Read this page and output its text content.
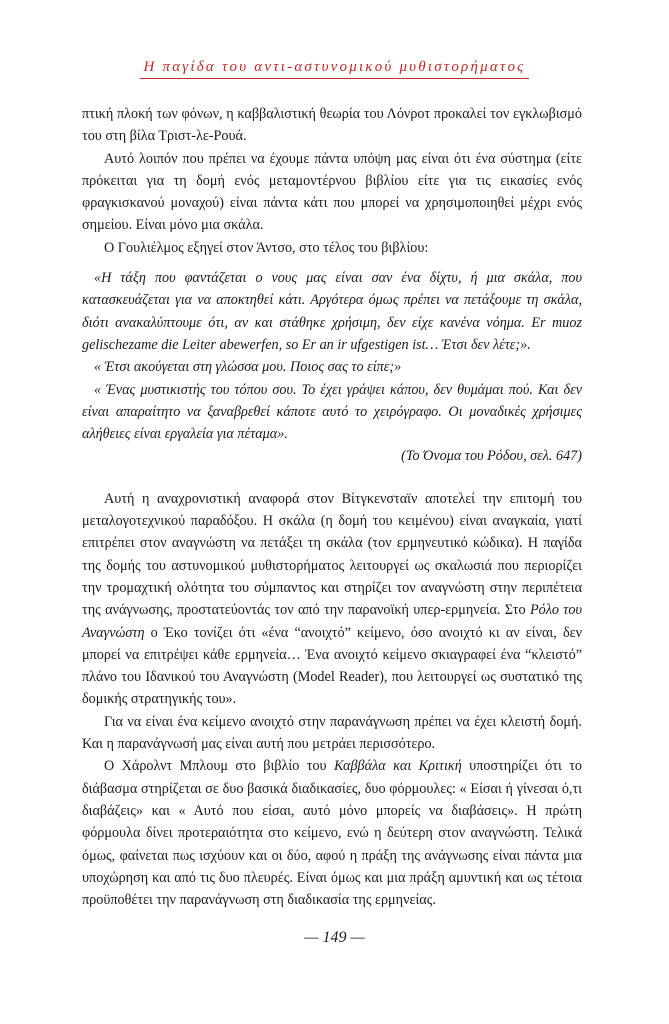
Η παγίδα του αντι-αστυνομικού μυθιστορήματος

πτική πλοκή των φόνων, η καββαλιστική θεωρία του Λόνροτ προκαλεί τον εγκλωβισμό του στη βίλα Τριστ-λε-Ρουά.

Αυτό λοιπόν που πρέπει να έχουμε πάντα υπόψη μας είναι ότι ένα σύστημα (είτε πρόκειται για τη δομή ενός μεταμοντέρνου βιβλίου είτε για τις εικασίες ενός φραγκισκανού μοναχού) είναι πάντα κάτι που μπορεί να χρησιμοποιηθεί μέχρι ενός σημείου. Είναι μόνο μια σκάλα.

Ο Γουλιέλμος εξηγεί στον Άντσο, στο τέλος του βιβλίου:

«Η τάξη που φαντάζεται ο νους μας είναι σαν ένα δίχτυ, ή μια σκάλα, που κατασκευάζεται για να αποκτηθεί κάτι. Αργότερα όμως πρέπει να πετάξουμε τη σκάλα, διότι ανακαλύπτουμε ότι, αν και στάθηκε χρήσιμη, δεν είχε κανένα νόημα. Er muoz gelischezame die Leiter abewerfen, so Er an ir ufgestigen ist… Έτσι δεν λέτε;».

« Έτσι ακούγεται στη γλώσσα μου. Ποιος σας το είπε;»

« Ένας μυστικιστής του τόπου σου. Το έχει γράψει κάπου, δεν θυμάμαι πού. Και δεν είναι απαραίτητο να ξαναβρεθεί κάποτε αυτό το χειρόγραφο. Οι μοναδικές χρήσιμες αλήθειες είναι εργαλεία για πέταμα».

(Το Όνομα του Ρόδου, σελ. 647)

Αυτή η αναχρονιστική αναφορά στον Βίτγκενσταϊν αποτελεί την επιτομή του μεταλογοτεχνικού παραδόξου. Η σκάλα (η δομή του κειμένου) είναι αναγκαία, γιατί επιτρέπει στον αναγνώστη να πετάξει τη σκάλα (τον ερμηνευτικό κώδικα). Η παγίδα της δομής του αστυνομικού μυθιστορήματος λειτουργεί ως σκαλωσιά που περιορίζει την τρομαχτική ολότητα του σύμπαντος και στηρίζει τον αναγνώστη στην περιπέτεια της ανάγνωσης, προστατεύοντάς τον από την παρανοϊκή υπερ-ερμηνεία. Στο Ρόλο του Αναγνώστη ο Έκο τονίζει ότι «ένα “ανοιχτό” κείμενο, όσο ανοιχτό κι αν είναι, δεν μπορεί να επιτρέψει κάθε ερμηνεία… Ένα ανοιχτό κείμενο σκιαγραφεί ένα “κλειστό” πλάνο του Ιδανικού του Αναγνώστη (Model Reader), που λειτουργεί ως συστατικό της δομικής στρατηγικής του».

Για να είναι ένα κείμενο ανοιχτό στην παρανάγνωση πρέπει να έχει κλειστή δομή. Και η παρανάγνωσή μας είναι αυτή που μετράει περισσότερο.

Ο Χάρολντ Μπλουμ στο βιβλίο του Καββάλα και Κριτική υποστηρίζει ότι το διάβασμα στηρίζεται σε δυο βασικά διαδικασίες, δυο φόρμουλες: « Είσαι ή γίνεσαι ό,τι διαβάζεις» και « Αυτό που είσαι, αυτό μόνο μπορείς να διαβάσεις». Η πρώτη φόρμουλα δίνει προτεραιότητα στο κείμενο, ενώ η δεύτερη στον αναγνώστη. Τελικά όμως, φαίνεται πως ισχύουν και οι δύο, αφού η πράξη της ανάγνωσης είναι πάντα μια υποχώρηση και από τις δυο πλευρές. Είναι όμως και μια πράξη αμυντική και ως τέτοια προϋποθέτει την παρανάγνωση στη διαδικασία της ερμηνείας.

— 149 —
